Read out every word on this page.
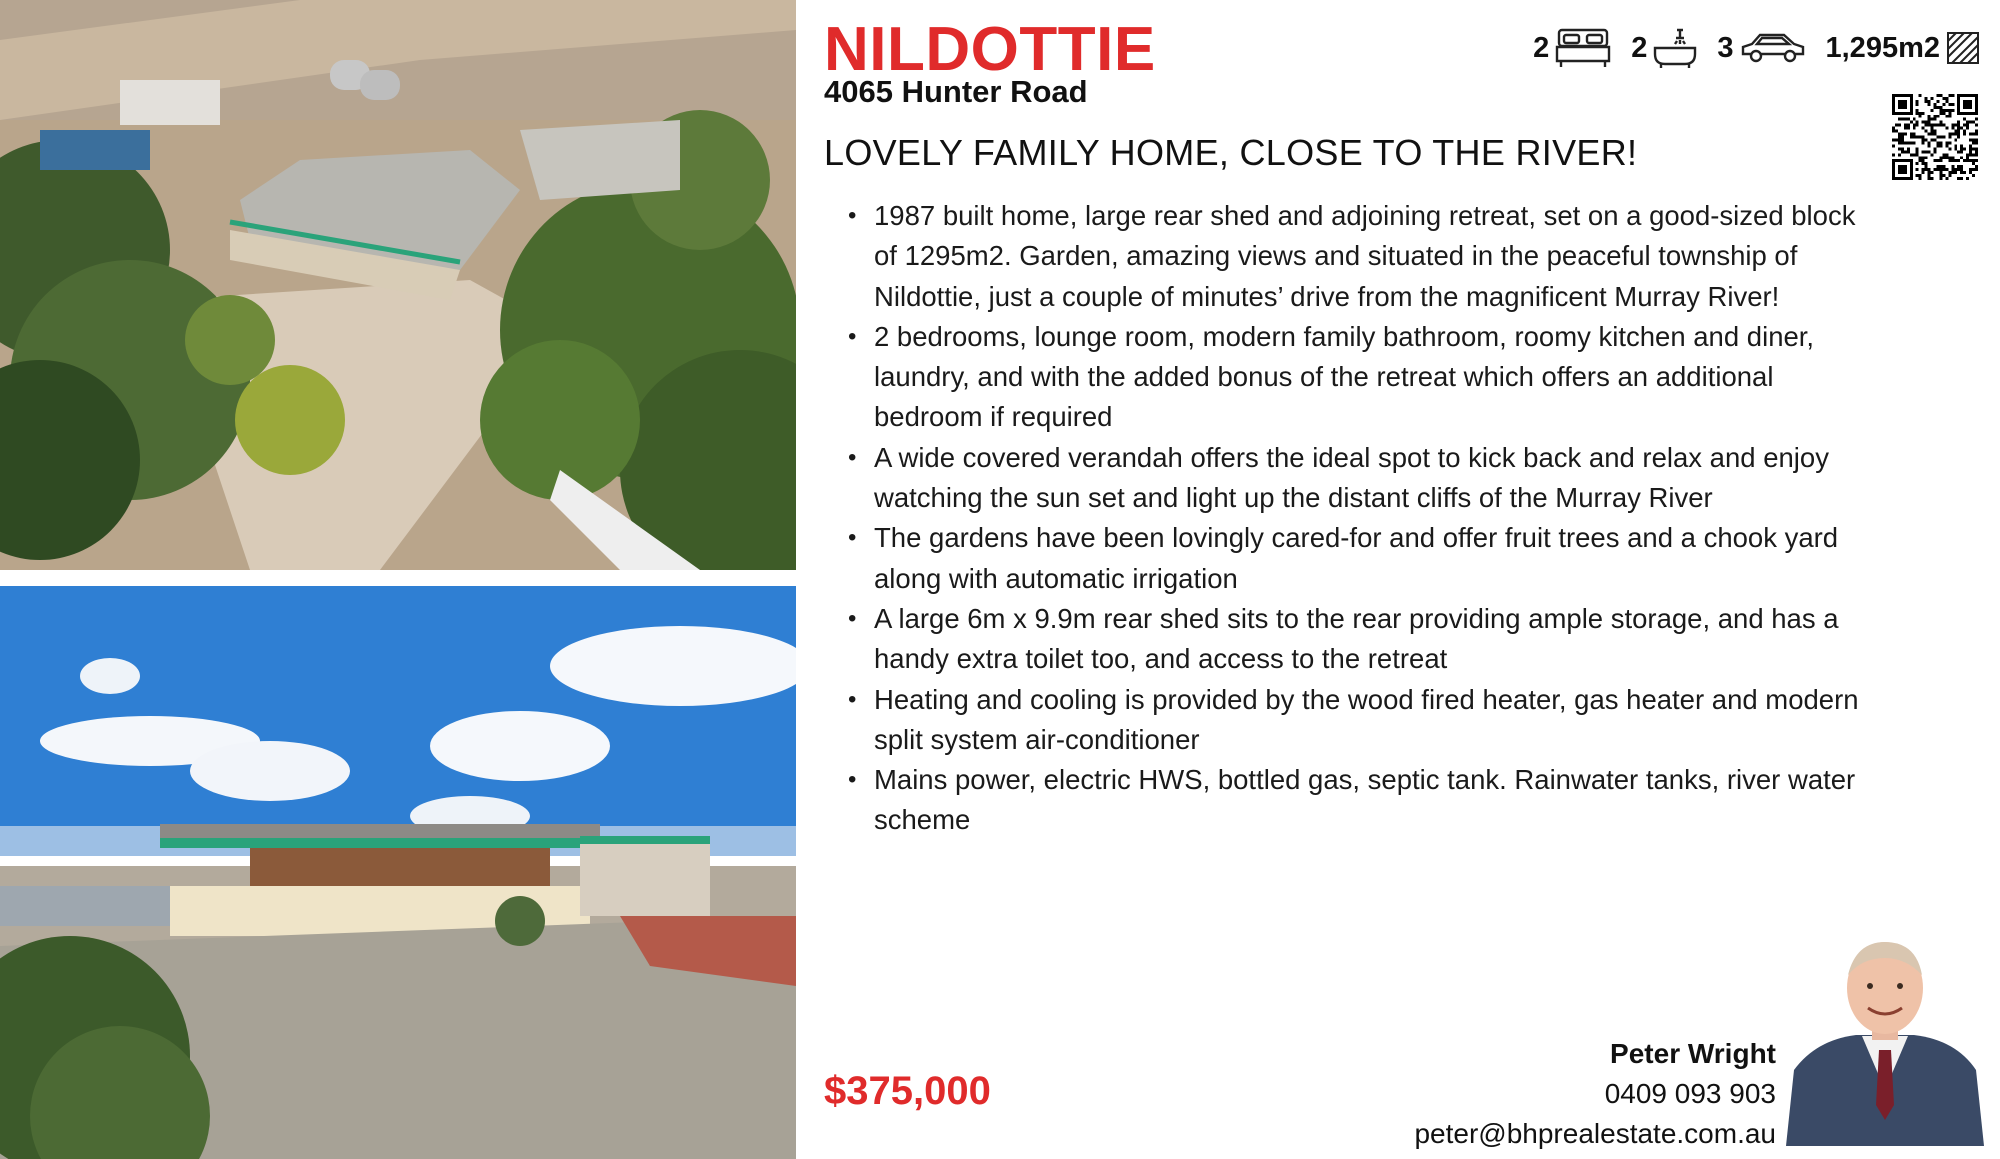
NILDOTTIE
4065 Hunter Road
LOVELY FAMILY HOME, CLOSE TO THE RIVER!
2	2 3	1,295m2
• 1987 built home, large rear shed and adjoining retreat, set on a good-sized block of 1295m2. Garden, amazing views and situated in the peaceful township of Nildottie, just a couple of minutes’ drive from the magnificent Murray River!
• 2 bedrooms, lounge room, modern family bathroom, roomy kitchen and diner, laundry, and with the added bonus of the retreat which offers an additional bedroom if required
• A wide covered verandah offers the ideal spot to kick back and relax and enjoy watching the sun set and light up the distant cliffs of the Murray River
• The gardens have been lovingly cared-for and offer fruit trees and a chook yard along with automatic irrigation
• A large 6m x 9.9m rear shed sits to the rear providing ample storage, and has a handy extra toilet too, and access to the retreat
• Heating and cooling is provided by the wood fired heater, gas heater and modern split system air-conditioner
• Mains power, electric HWS, bottled gas, septic tank. Rainwater tanks, river water scheme
$375,000
Peter Wright
0409 093 903
peter@bhprealestate.com.au
